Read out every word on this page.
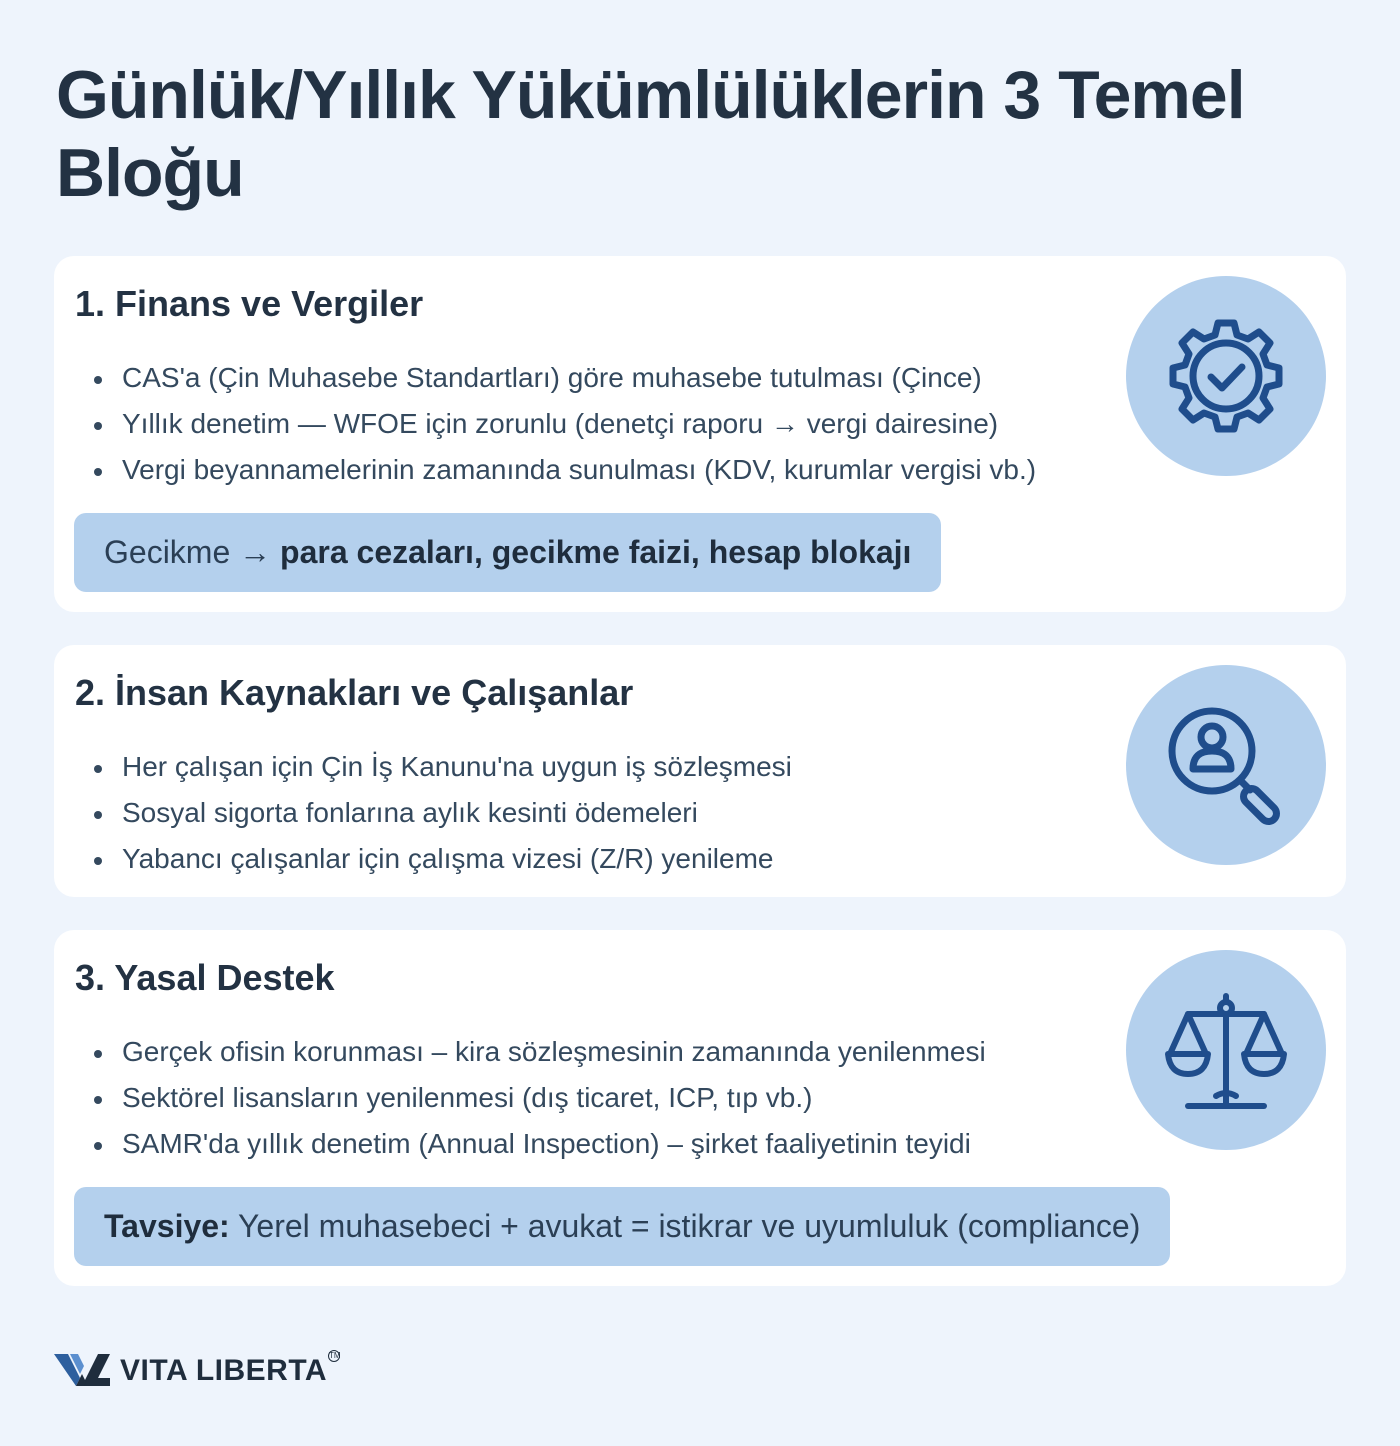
Günlük/Yıllık Yükümlülüklerin 3 Temel Bloğu
1. Finans ve Vergiler
CAS'a (Çin Muhasebe Standartları) göre muhasebe tutulması (Çince)
Yıllık denetim — WFOE için zorunlu (denetçi raporu → vergi dairesine)
Vergi beyannamelerinin zamanında sunulması (KDV, kurumlar vergisi vb.)
Gecikme → para cezaları, gecikme faizi, hesap blokajı
2. İnsan Kaynakları ve Çalışanlar
Her çalışan için Çin İş Kanunu'na uygun iş sözleşmesi
Sosyal sigorta fonlarına aylık kesinti ödemeleri
Yabancı çalışanlar için çalışma vizesi (Z/R) yenileme
3. Yasal Destek
Gerçek ofisin korunması – kira sözleşmesinin zamanında yenilenmesi
Sektörel lisansların yenilenmesi (dış ticaret, ICP, tıp vb.)
SAMR'da yıllık denetim (Annual Inspection) – şirket faaliyetinin teyidi
Tavsiye: Yerel muhasebeci + avukat = istikrar ve uyumluluk (compliance)
VITA LIBERTA TM
